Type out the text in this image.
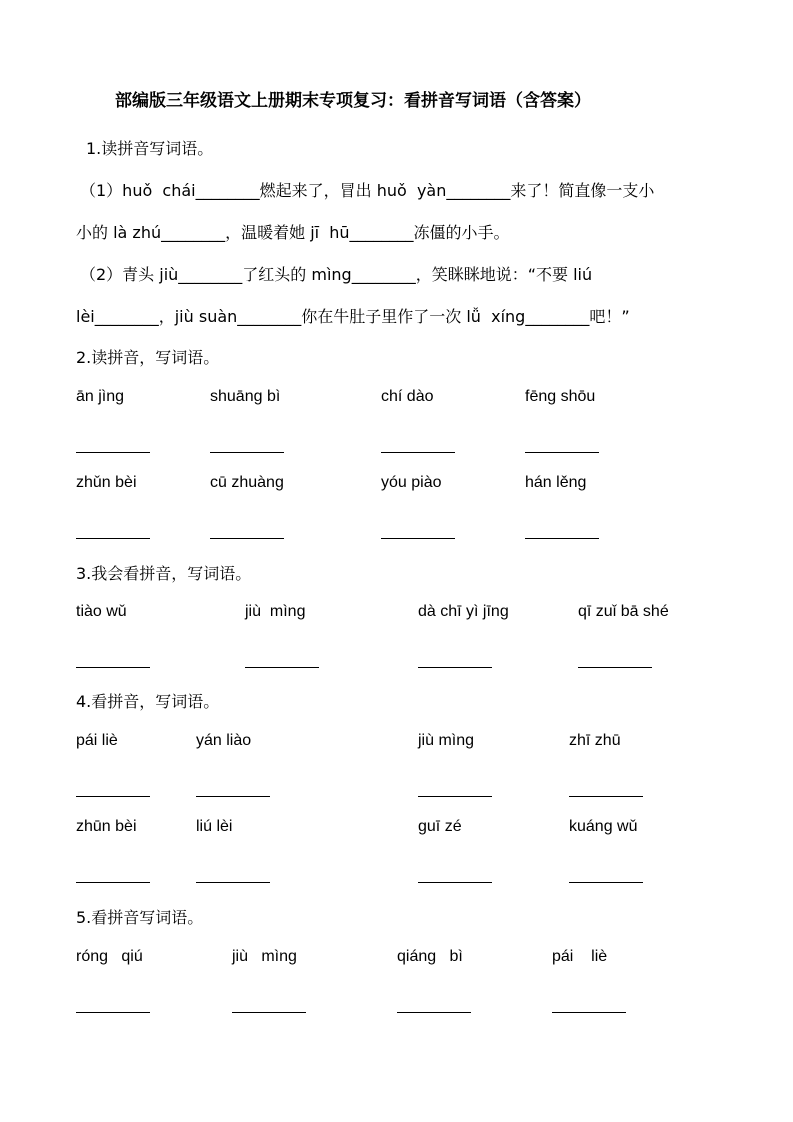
部编版三年级语文上册期末专项复习：看拼音写词语（含答案）
1.读拼音写词语。
（1）huǒ  chái________燃起来了，冒出 huǒ  yàn________来了！简直像一支小
小的 là zhú________，温暖着她 jī  hū________冻僵的小手。
（2）青头 jiù________了红头的 mìng________，笑眯眯地说：“不要 liú
lèi________，jiù suàn________你在牛肚子里作了一次 lǚ  xíng________吧！”
2.读拼音，写词语。
ān jìng	shuāng bì	chí dào	fēng shōu
zhǔn bèi	cū zhuàng	yóu piào	hán lěng
3.我会看拼音，写词语。
tiào wǔ	jiù  mìng	dà chī yì jīng	qī zuǐ bā shé
4.看拼音，写词语。
pái liè	yán liào	jiù mìng	zhī zhū
zhūn bèi	liú lèi	guī zé	kuáng wǔ
5.看拼音写词语。
róng   qiú	jiù   mìng	qiáng   bì	pái    liè
